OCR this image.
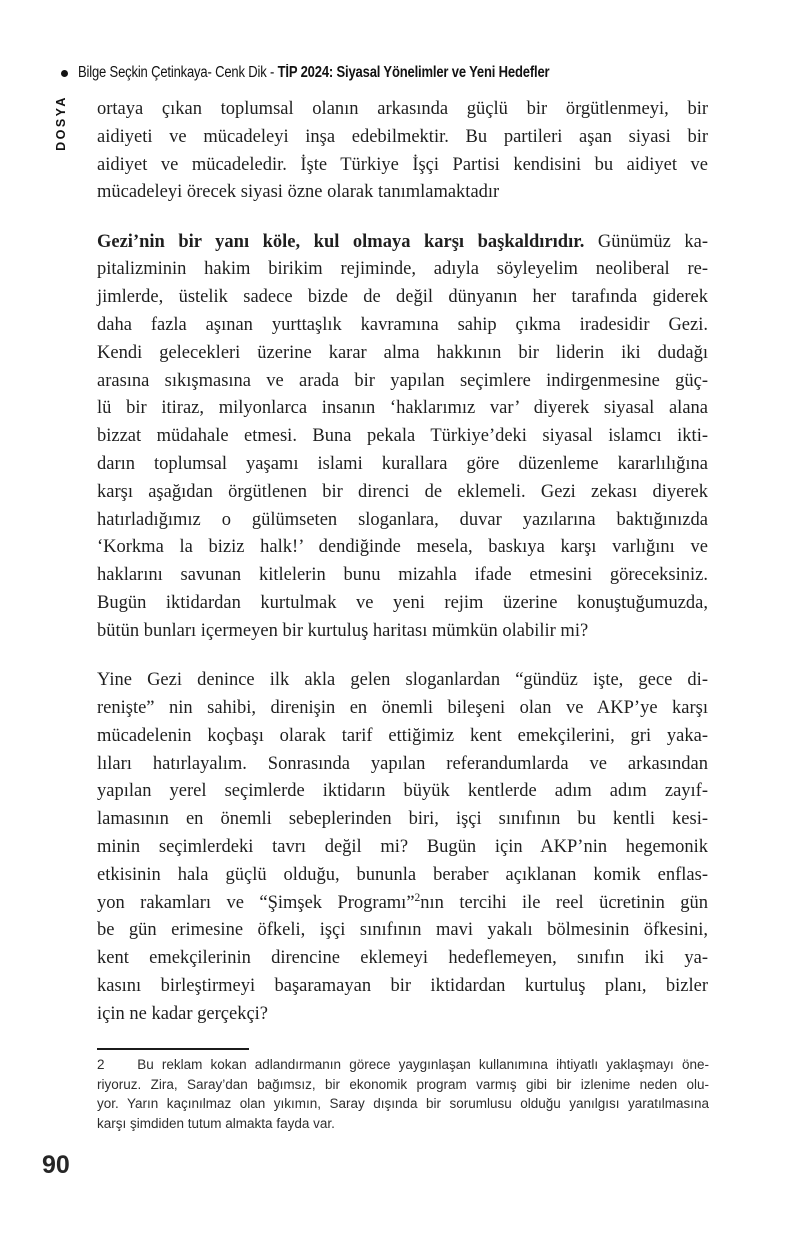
Bilge Seçkin Çetinkaya- Cenk Dik - TİP 2024: Siyasal Yönelimler ve Yeni Hedefler
DOSYA ortaya çıkan toplumsal olanın arkasında güçlü bir örgütlenmeyi, bir
aidiyeti ve mücadeleyi inşa edebilmektir. Bu partileri aşan siyasi bir
aidiyet ve mücadeledir. İşte Türkiye İşçi Partisi kendisini bu aidiyet ve
mücadeleyi örecek siyasi özne olarak tanımlamaktadır
Gezi’nin bir yanı köle, kul olmaya karşı başkaldırıdır. Günümüz ka-
pitalizminin hakim birikim rejiminde, adıyla söyleyelim neoliberal re-
jimlerde, üstelik sadece bizde de değil dünyanın her tarafında giderek
daha fazla aşınan yurttaşlık kavramına sahip çıkma iradesidir Gezi.
Kendi gelecekleri üzerine karar alma hakkının bir liderin iki dudağı
arasına sıkışmasına ve arada bir yapılan seçimlere indirgenmesine güç-
lü bir itiraz, milyonlarca insanın ‘haklarımız var’ diyerek siyasal alana
bizzat müdahale etmesi. Buna pekala Türkiye’deki siyasal islamcı ikti-
darın toplumsal yaşamı islami kurallara göre düzenleme kararlılığına
karşı aşağıdan örgütlenen bir direnci de eklemeli. Gezi zekası diyerek
hatırladığımız o gülümseten sloganlara, duvar yazılarına baktığınızda
‘Korkma la biziz halk!’ dendiğinde mesela, baskıya karşı varlığını ve
haklarını savunan kitlelerin bunu mizahla ifade etmesini göreceksiniz.
Bugün iktidardan kurtulmak ve yeni rejim üzerine konuştuğumuzda,
bütün bunları içermeyen bir kurtuluş haritası mümkün olabilir mi?
Yine Gezi denince ilk akla gelen sloganlardan “gündüz işte, gece di-
renişte” nin sahibi, direnişin en önemli bileşeni olan ve AKP’ye karşı
mücadelenin koçbaşı olarak tarif ettiğimiz kent emekçilerini, gri yaka-
lıları hatırlayalım. Sonrasında yapılan referandumlarda ve arkasından
yapılan yerel seçimlerde iktidarın büyük kentlerde adım adım zayıf-
lamasının en önemli sebeplerinden biri, işçi sınıfının bu kentli kesi-
minin seçimlerdeki tavrı değil mi? Bugün için AKP’nin hegemonik
etkisinin hala güçlü olduğu, bununla beraber açıklanan komik enflas-
yon rakamları ve “Şimşek Programı”$^2$nın tercihi ile reel ücretinin gün
be gün erimesine öfkeli, işçi sınıfının mavi yakalı bölmesinin öfkesini,
kent emekçilerinin direncine eklemeyi hedeflemeyen, sınıfın iki ya-
kasını birleştirmeyi başaramayan bir iktidardan kurtuluş planı, bizler
için ne kadar gerçekçi?
2    Bu reklam kokan adlandırmanın görece yaygınlaşan kullanımına ihtiyatlı yaklaşmayı öne-
riyoruz. Zira, Saray’dan bağımsız, bir ekonomik program varmış gibi bir izlenime neden olu-
yor. Yarın kaçınılmaz olan yıkımın, Saray dışında bir sorumlusu olduğu yanılgısı yaratılmasına
karşı şimdiden tutum almakta fayda var.
90
